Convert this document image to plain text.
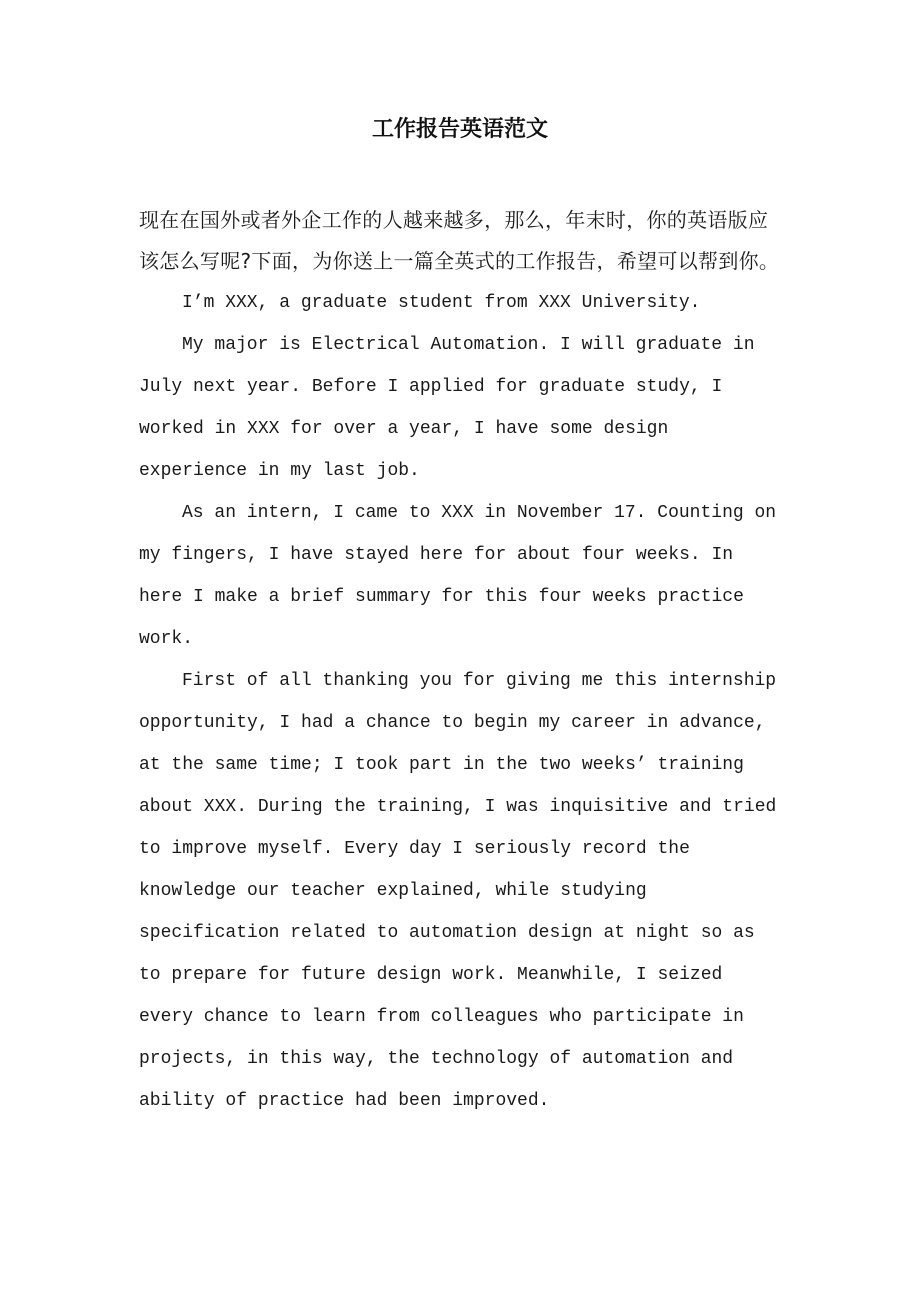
工作报告英语范文

现在在国外或者外企工作的人越来越多，那么，年末时，你的英语版应该怎么写呢?下面，为你送上一篇全英式的工作报告，希望可以帮到你。

I’m XXX, a graduate student from XXX University.

My major is Electrical Automation. I will graduate in July next year. Before I applied for graduate study, I worked in XXX for over a year, I have some design experience in my last job.

As an intern, I came to XXX in November 17. Counting on my fingers, I have stayed here for about four weeks. In here I make a brief summary for this four weeks practice work.

First of all thanking you for giving me this internship opportunity, I had a chance to begin my career in advance, at the same time; I took part in the two weeks’ training about XXX. During the training, I was inquisitive and tried to improve myself. Every day I seriously record the knowledge our teacher explained, while studying specification related to automation design at night so as to prepare for future design work. Meanwhile, I seized every chance to learn from colleagues who participate in projects, in this way, the technology of automation and ability of practice had been improved.
